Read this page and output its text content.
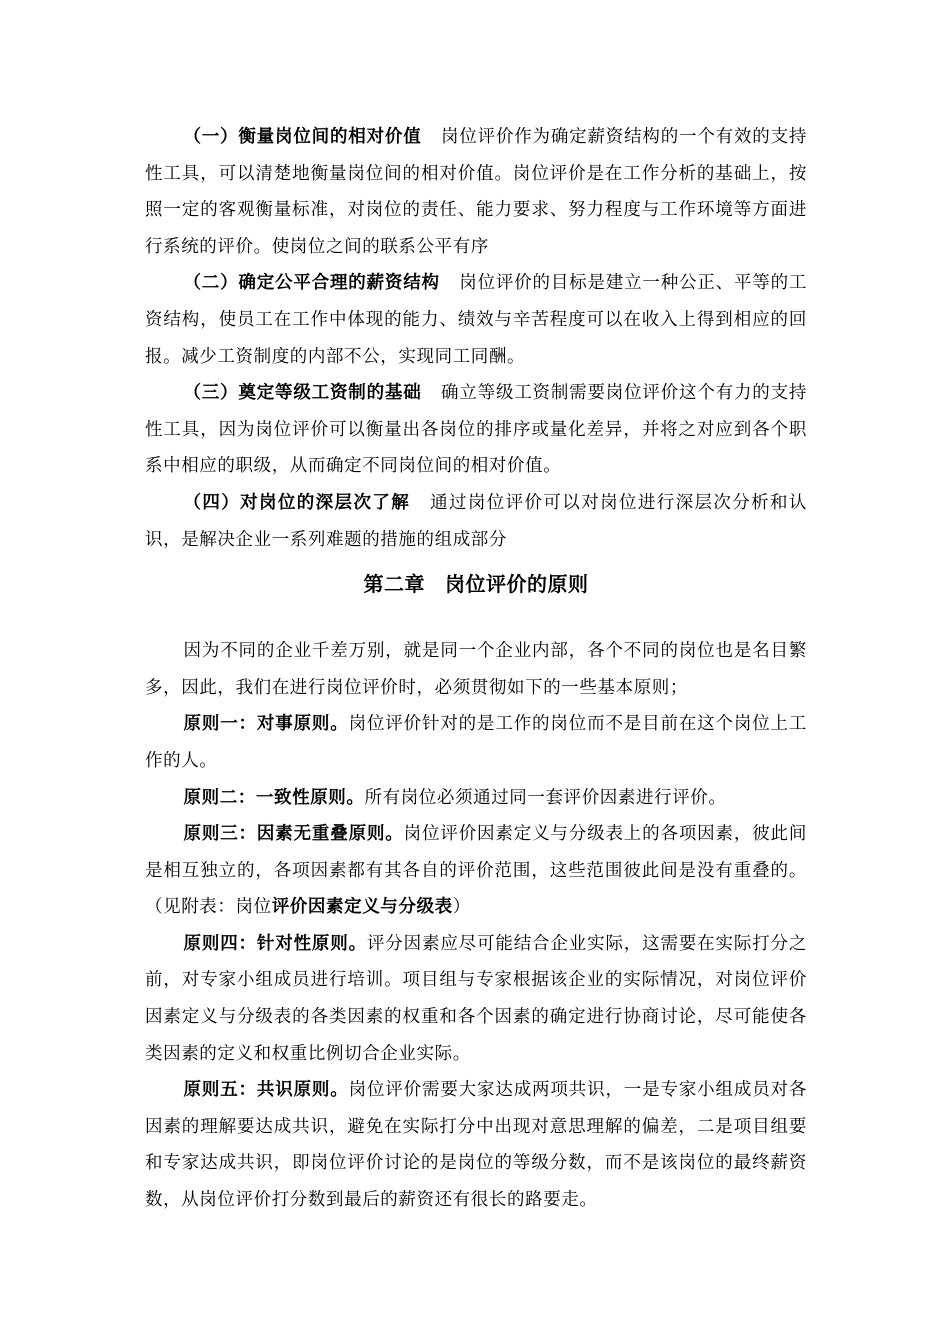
（一）衡量岗位间的相对价值 岗位评价作为确定薪资结构的一个有效的支持性工具，可以清楚地衡量岗位间的相对价值。岗位评价是在工作分析的基础上，按照一定的客观衡量标准，对岗位的责任、能力要求、努力程度与工作环境等方面进行系统的评价。使岗位之间的联系公平有序

（二）确定公平合理的薪资结构 岗位评价的目标是建立一种公正、平等的工资结构，使员工在工作中体现的能力、绩效与辛苦程度可以在收入上得到相应的回报。减少工资制度的内部不公，实现同工同酬。

（三）奠定等级工资制的基础 确立等级工资制需要岗位评价这个有力的支持性工具，因为岗位评价可以衡量出各岗位的排序或量化差异，并将之对应到各个职系中相应的职级，从而确定不同岗位间的相对价值。

（四）对岗位的深层次了解 通过岗位评价可以对岗位进行深层次分析和认识，是解决企业一系列难题的措施的组成部分

第二章 岗位评价的原则

因为不同的企业千差万别，就是同一个企业内部，各个不同的岗位也是名目繁多，因此，我们在进行岗位评价时，必须贯彻如下的一些基本原则；

原则一：对事原则。岗位评价针对的是工作的岗位而不是目前在这个岗位上工作的人。

原则二：一致性原则。所有岗位必须通过同一套评价因素进行评价。

原则三：因素无重叠原则。岗位评价因素定义与分级表上的各项因素，彼此间是相互独立的，各项因素都有其各自的评价范围，这些范围彼此间是没有重叠的。（见附表：岗位评价因素定义与分级表）

原则四：针对性原则。评分因素应尽可能结合企业实际，这需要在实际打分之前，对专家小组成员进行培训。项目组与专家根据该企业的实际情况，对岗位评价因素定义与分级表的各类因素的权重和各个因素的确定进行协商讨论，尽可能使各类因素的定义和权重比例切合企业实际。

原则五：共识原则。岗位评价需要大家达成两项共识，一是专家小组成员对各因素的理解要达成共识，避免在实际打分中出现对意思理解的偏差，二是项目组要和专家达成共识，即岗位评价讨论的是岗位的等级分数，而不是该岗位的最终薪资数，从岗位评价打分数到最后的薪资还有很长的路要走。
